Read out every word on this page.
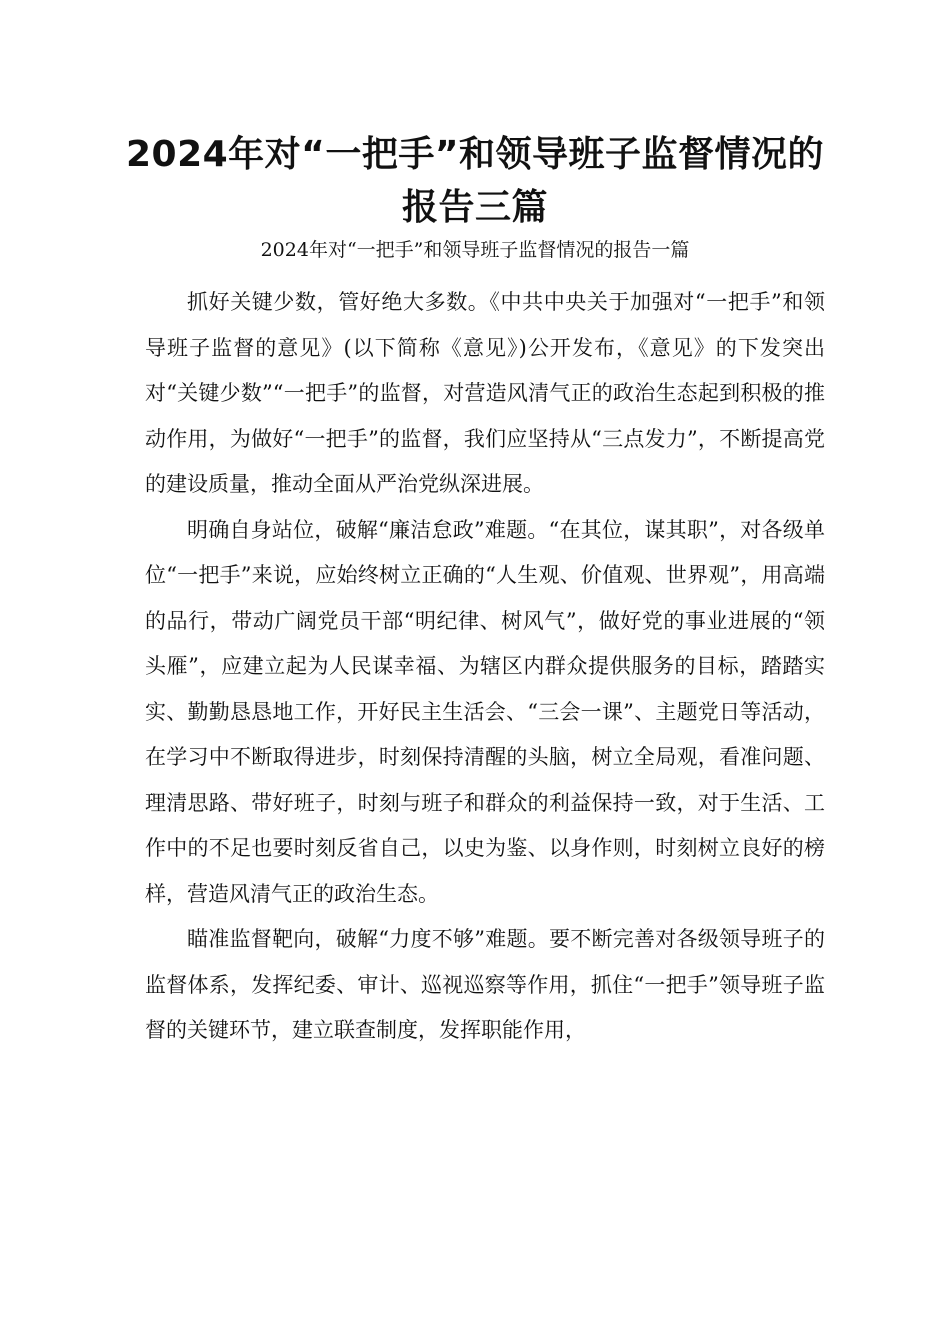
2024年对“一把手”和领导班子监督情况的报告三篇
2024年对“一把手”和领导班子监督情况的报告一篇

抓好关键少数，管好绝大多数。《中共中央关于加强对“一把手”和领导班子监督的意见》(以下简称《意见》)公开发布，《意见》的下发突出对“关键少数”“一把手”的监督，对营造风清气正的政治生态起到积极的推动作用，为做好“一把手”的监督，我们应坚持从“三点发力”，不断提高党的建设质量，推动全面从严治党纵深进展。

明确自身站位，破解“廉洁怠政”难题。“在其位，谋其职”，对各级单位“一把手”来说，应始终树立正确的“人生观、价值观、世界观”，用高端的品行，带动广阔党员干部“明纪律、树风气”，做好党的事业进展的“领头雁”，应建立起为人民谋幸福、为辖区内群众提供服务的目标，踏踏实实、勤勤恳恳地工作，开好民主生活会、“三会一课”、主题党日等活动，在学习中不断取得进步，时刻保持清醒的头脑，树立全局观，看准问题、理清思路、带好班子，时刻与班子和群众的利益保持一致，对于生活、工作中的不足也要时刻反省自己，以史为鉴、以身作则，时刻树立良好的榜样，营造风清气正的政治生态。

瞄准监督靶向，破解“力度不够”难题。要不断完善对各级领导班子的监督体系，发挥纪委、审计、巡视巡察等作用，抓住“一把手”领导班子监督的关键环节，建立联查制度，发挥职能作用，
